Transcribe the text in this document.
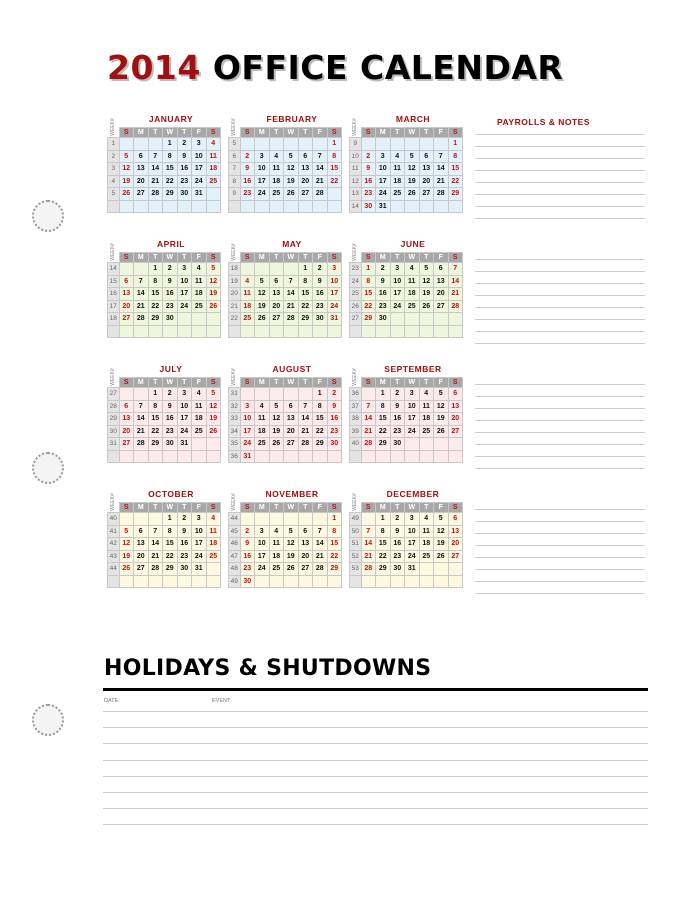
2014 OFFICE CALENDAR
JANUARY
WEEK#	S	M	T	W	T	F	S
1				1	2	3	4
2	5	6	7	8	9	10	11
3	12	13	14	15	16	17	18
4	19	20	21	22	23	24	25
5	26	27	28	29	30	31	

FEBRUARY
WEEK#	S	M	T	W	T	F	S
5							1
6	2	3	4	5	6	7	8
7	9	10	11	12	13	14	15
8	16	17	18	19	20	21	22
9	23	24	25	26	27	28	

MARCH
WEEK#	S	M	T	W	T	F	S
9							1
10	2	3	4	5	6	7	8
11	9	10	11	12	13	14	15
12	16	17	18	19	20	21	22
13	23	24	25	26	27	28	29
14	30	31					
APRIL
WEEK#	S	M	T	W	T	F	S
14			1	2	3	4	5
15	6	7	8	9	10	11	12
16	13	14	15	16	17	18	19
17	20	21	22	23	24	25	26
18	27	28	29	30			

MAY
WEEK#	S	M	T	W	T	F	S
18					1	2	3
19	4	5	6	7	8	9	10
20	11	12	13	14	15	16	17
21	18	19	20	21	22	23	24
22	25	26	27	28	29	30	31

JUNE
WEEK#	S	M	T	W	T	F	S
23	1	2	3	4	5	6	7
24	8	9	10	11	12	13	14
25	15	16	17	18	19	20	21
26	22	23	24	25	26	27	28
27	29	30					

JULY
WEEK#	S	M	T	W	T	F	S
27			1	2	3	4	5
28	6	7	8	9	10	11	12
29	13	14	15	16	17	18	19
30	20	21	22	23	24	25	26
31	27	28	29	30	31		

AUGUST
WEEK#	S	M	T	W	T	F	S
31						1	2
32	3	4	5	6	7	8	9
33	10	11	12	13	14	15	16
34	17	18	19	20	21	22	23
35	24	25	26	27	28	29	30
36	31						
SEPTEMBER
WEEK#	S	M	T	W	T	F	S
36		1	2	3	4	5	6
37	7	8	9	10	11	12	13
38	14	15	16	17	18	19	20
39	21	22	23	24	25	26	27
40	28	29	30				

OCTOBER
WEEK#	S	M	T	W	T	F	S
40				1	2	3	4
41	5	6	7	8	9	10	11
42	12	13	14	15	16	17	18
43	19	20	21	22	23	24	25
44	26	27	28	29	30	31	

NOVEMBER
WEEK#	S	M	T	W	T	F	S
44							1
45	2	3	4	5	6	7	8
46	9	10	11	12	13	14	15
47	16	17	18	19	20	21	22
48	23	24	25	26	27	28	29
49	30						
DECEMBER
WEEK#	S	M	T	W	T	F	S
49		1	2	3	4	5	6
50	7	8	9	10	11	12	13
51	14	15	16	17	18	19	20
52	21	22	23	24	25	26	27
53	28	29	30	31			

PAYROLLS & NOTES
HOLIDAYS & SHUTDOWNS
DATE:	EVENT:
